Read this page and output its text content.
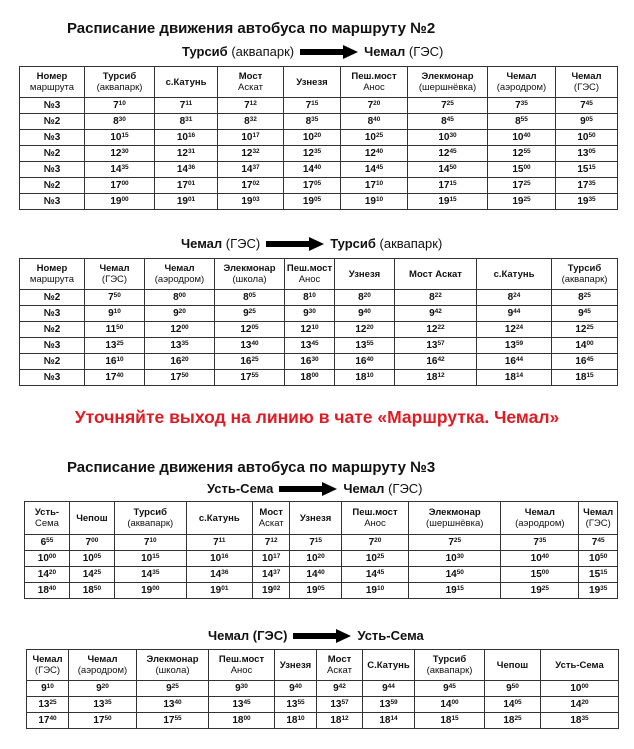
Расписание движения автобуса по маршруту №2
Турсиб
(аквапарк)	Чемал
(ГЭС)
Номер
маршрута	Турсиб
(аквапарк)	с.Катунь	Мост
Аскат	Узнезя	Пеш.мост
Анос	Элекмонар
(шершнёвка)	Чемал
(аэродром)	Чемал
(ГЭС)

№3	$7^{10}$	$7^{11}$	$7^{12}$	$7^{15}$	$7^{20}$	$7^{25}$	$7^{35}$	$7^{45}$
№2	$8^{30}$	$8^{31}$	$8^{32}$	$8^{35}$	$8^{40}$	$8^{45}$	$8^{55}$	$9^{05}$
№3	$10^{15}$	$10^{16}$	$10^{17}$	$10^{20}$	$10^{25}$	$10^{30}$	$10^{40}$	$10^{50}$
№2	$12^{30}$	$12^{31}$	$12^{32}$	$12^{35}$	$12^{40}$	$12^{45}$	$12^{55}$	$13^{05}$
№3	$14^{35}$	$14^{36}$	$14^{37}$	$14^{40}$	$14^{45}$	$14^{50}$	$15^{00}$	$15^{15}$
№2	$17^{00}$	$17^{01}$	$17^{02}$	$17^{05}$	$17^{10}$	$17^{15}$	$17^{25}$	$17^{35}$
№3	$19^{00}$	$19^{01}$	$19^{03}$	$19^{05}$	$19^{10}$	$19^{15}$	$19^{25}$	$19^{35}$
Чемал
(ГЭС)	Турсиб
(аквапарк)
Номер
маршрута	Чемал
(ГЭС)	Чемал
(аэродром)	Элекмонар
(школа)	Пеш.мост
Анос	Узнезя	Мост Аскат	с.Катунь	Турсиб
(аквапарк)

№2	$7^{50}$	$8^{00}$	$8^{05}$	$8^{10}$	$8^{20}$	$8^{22}$	$8^{24}$	$8^{25}$
№3	$9^{10}$	$9^{20}$	$9^{25}$	$9^{30}$	$9^{40}$	$9^{42}$	$9^{44}$	$9^{45}$
№2	$11^{50}$	$12^{00}$	$12^{05}$	$12^{10}$	$12^{20}$	$12^{22}$	$12^{24}$	$12^{25}$
№3	$13^{25}$	$13^{35}$	$13^{40}$	$13^{45}$	$13^{55}$	$13^{57}$	$13^{59}$	$14^{00}$
№2	$16^{10}$	$16^{20}$	$16^{25}$	$16^{30}$	$16^{40}$	$16^{42}$	$16^{44}$	$16^{45}$
№3	$17^{40}$	$17^{50}$	$17^{55}$	$18^{00}$	$18^{10}$	$18^{12}$	$18^{14}$	$18^{15}$
Уточняйте выход на линию в чате «Маршрутка. Чемал»
Расписание движения автобуса по маршруту №3
Усть-Сема	Чемал
(ГЭС)
Усть-
Сема	Чепош	Турсиб
(аквапарк)	с.Катунь	Мост
Аскат	Узнезя	Пеш.мост
Анос	Элекмонар
(шершнёвка)	Чемал
(аэродром)	Чемал
(ГЭС)

$6^{55}$	$7^{00}$	$7^{10}$	$7^{11}$	$7^{12}$	$7^{15}$	$7^{20}$	$7^{25}$	$7^{35}$	$7^{45}$
$10^{00}$	$10^{05}$	$10^{15}$	$10^{16}$	$10^{17}$	$10^{20}$	$10^{25}$	$10^{30}$	$10^{40}$	$10^{50}$
$14^{20}$	$14^{25}$	$14^{35}$	$14^{36}$	$14^{37}$	$14^{40}$	$14^{45}$	$14^{50}$	$15^{00}$	$15^{15}$
$18^{40}$	$18^{50}$	$19^{00}$	$19^{01}$	$19^{02}$	$19^{05}$	$19^{10}$	$19^{15}$	$19^{25}$	$19^{35}$
Чемал
(ГЭС)	Усть-Сема
Чемал
(ГЭС)	Чемал
(аэродром)	Элекмонар
(школа)	Пеш.мост
Анос	Узнезя	Мост
Аскат	С.Катунь	Турсиб
(аквапарк)	Чепош	Усть-Сема

$9^{10}$	$9^{20}$	$9^{25}$	$9^{30}$	$9^{40}$	$9^{42}$	$9^{44}$	$9^{45}$	$9^{50}$	$10^{00}$
$13^{25}$	$13^{35}$	$13^{40}$	$13^{45}$	$13^{55}$	$13^{57}$	$13^{59}$	$14^{00}$	$14^{05}$	$14^{20}$
$17^{40}$	$17^{50}$	$17^{55}$	$18^{00}$	$18^{10}$	$18^{12}$	$18^{14}$	$18^{15}$	$18^{25}$	$18^{35}$
